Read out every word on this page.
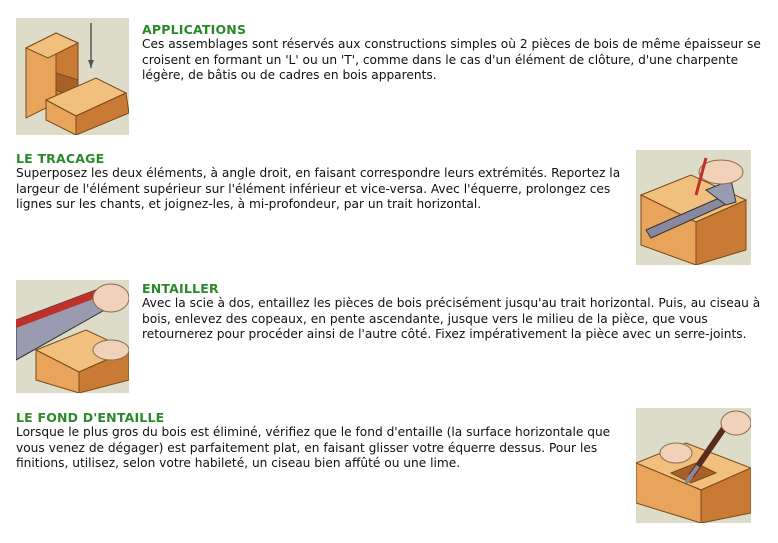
APPLICATIONS

Ces assemblages sont réservés aux constructions simples où 2 pièces de bois de même épaisseur se croisent en formant un 'L' ou un 'T', comme dans le cas d'un élément de clôture, d'une charpente légère, de bâtis ou de cadres en bois apparents.

LE TRACAGE

Superposez les deux éléments, à angle droit, en faisant correspondre leurs extrémités. Reportez la largeur de l'élément supérieur sur l'élément inférieur et vice-versa. Avec l'équerre, prolongez ces lignes sur les chants, et joignez-les, à mi-profondeur, par un trait horizontal.

ENTAILLER

Avec la scie à dos, entaillez les pièces de bois précisément jusqu'au trait horizontal. Puis, au ciseau à bois, enlevez des copeaux, en pente ascendante, jusque vers le milieu de la pièce, que vous retournerez pour procéder ainsi de l'autre côté. Fixez impérativement la pièce avec un serre-joints.

LE FOND D'ENTAILLE

Lorsque le plus gros du bois est éliminé, vérifiez que le fond d'entaille (la surface horizontale que vous venez de dégager) est parfaitement plat, en faisant glisser votre équerre dessus. Pour les finitions, utilisez, selon votre habileté, un ciseau bien affûté ou une lime.
